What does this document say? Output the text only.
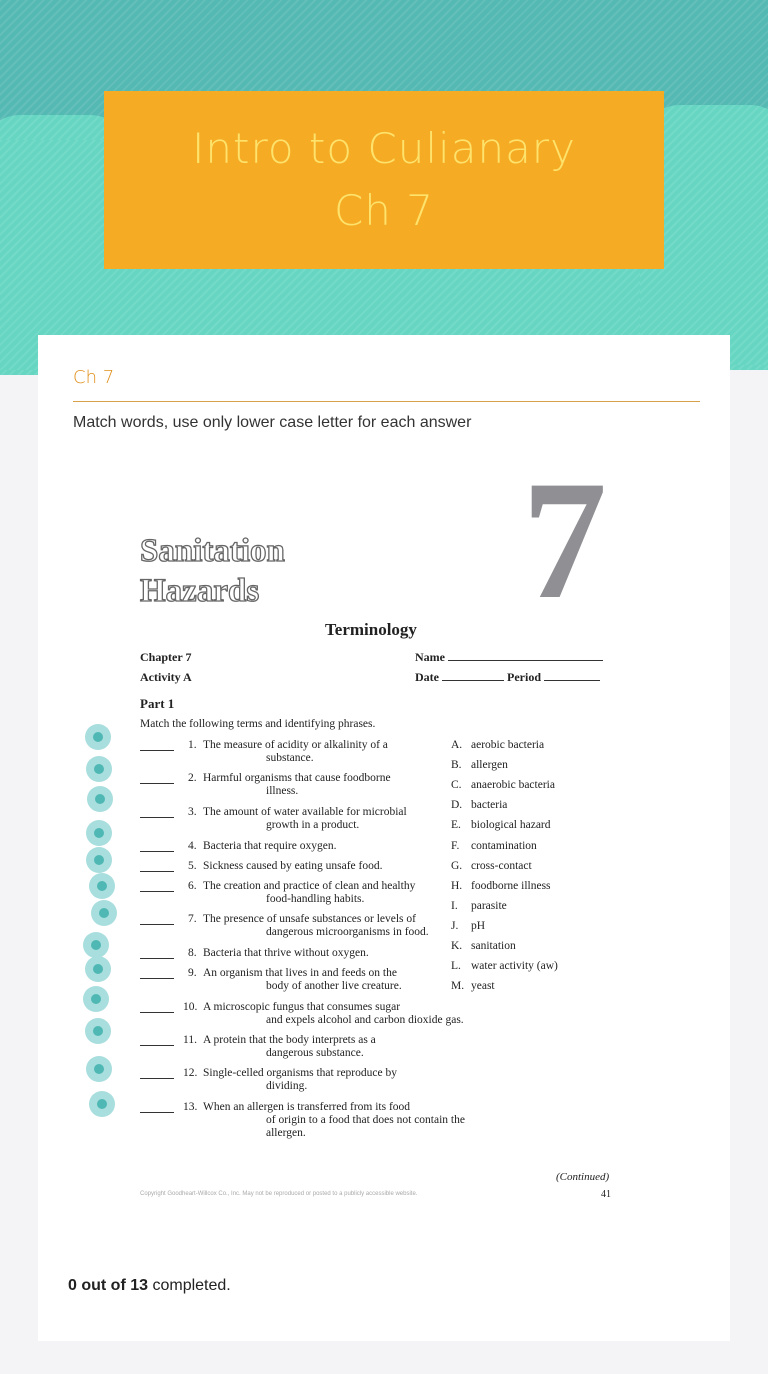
Intro to Culianary
Ch 7
Ch 7
Match words, use only lower case letter for each answer
0 out of 13 completed.
Sanitation
Hazards 7
Terminology
Chapter 7
Activity A
Name
Date	Period
Part 1
Match the following terms and identifying phrases.
1. The measure of acidity or alkalinity of a
substance.
2. Harmful organisms that cause foodborne
illness.
3. The amount of water available for microbial
growth in a product.
4. Bacteria that require oxygen.
5. Sickness caused by eating unsafe food.
6. The creation and practice of clean and healthy
food-handling habits.
7. The presence of unsafe substances or levels of
dangerous microorganisms in food.
8. Bacteria that thrive without oxygen.
9. An organism that lives in and feeds on the
body of another live creature.
10. A microscopic fungus that consumes sugar
and expels alcohol and carbon dioxide gas.
11. A protein that the body interprets as a
dangerous substance.
12. Single-celled organisms that reproduce by
dividing.
13. When an allergen is transferred from its food
of origin to a food that does not contain the
allergen.
A. aerobic bacteria
B. allergen
C. anaerobic bacteria
D. bacteria
E. biological hazard
F. contamination
G. cross-contact
H. foodborne illness
I. parasite
J. pH
K. sanitation
L. water activity (aw)
M. yeast
(Continued)
Copyright Goodheart-Willcox Co., Inc. May not be reproduced or posted to a publicly accessible website.	41
